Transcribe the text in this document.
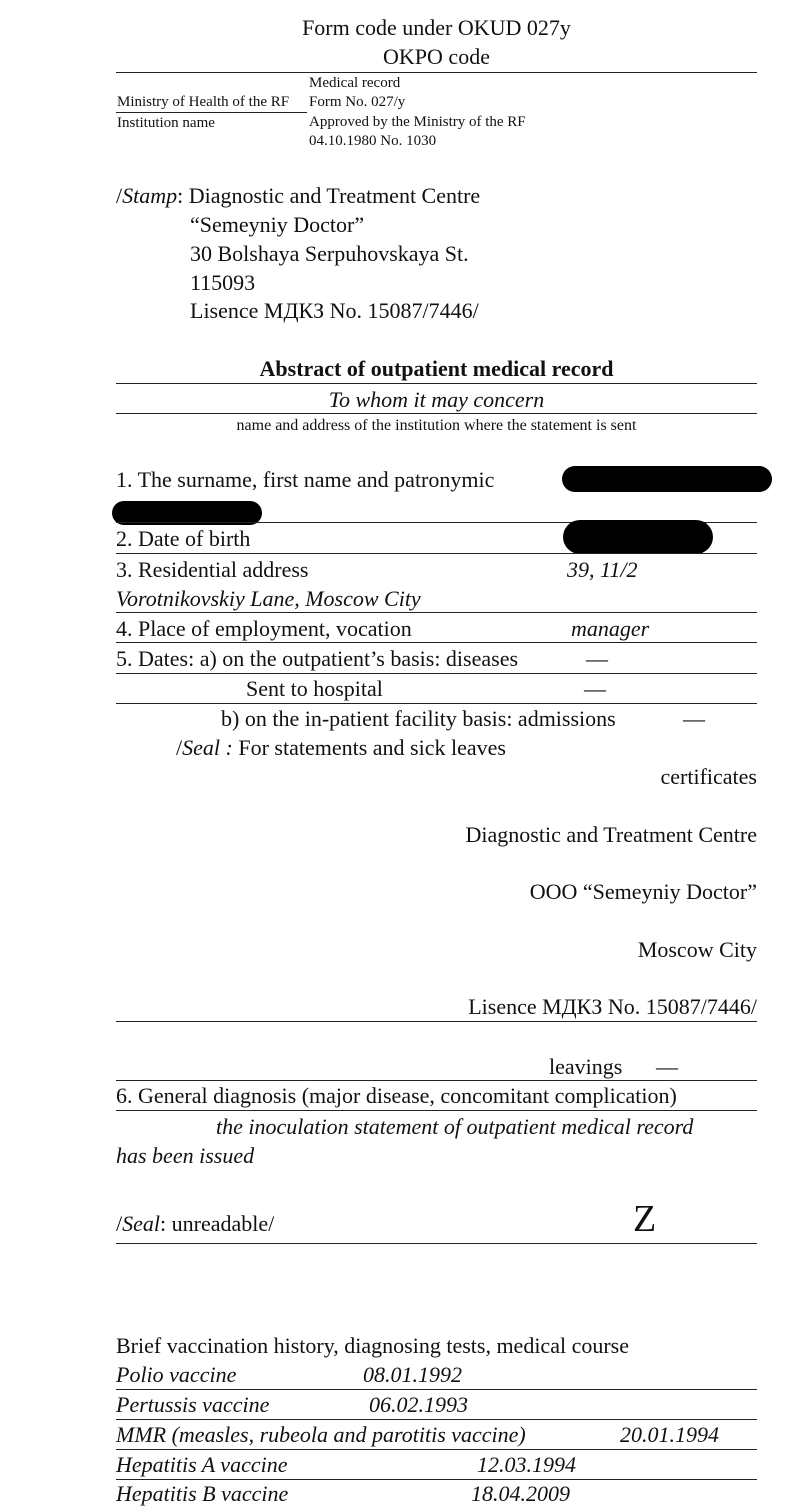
Form code under OKUD 027y
OKPO code
Ministry of Health of the RF
Institution name
Medical record
Form No. 027/y
Approved by the Ministry of the RF
04.10.1980 No. 1030
/Stamp: Diagnostic and Treatment Centre
“Semeyniy Doctor”
30 Bolshaya Serpuhovskaya St.
115093
Lisence МДКЗ No. 15087/7446/
Abstract of outpatient medical record
To whom it may concern
name and address of the institution where the statement is sent
1. The surname, first name and patronymic
2. Date of birth
3. Residential address	39, 11/2
Vorotnikovskiy Lane, Moscow City
4. Place of employment, vocation	manager
5. Dates: a) on the outpatient’s basis: diseases	—
Sent to hospital	—
b) on the in-patient facility basis: admissions	—
/Seal : For statements and sick leaves
certificates
Diagnostic and Treatment Centre
OOO “Semeyniy Doctor”
Moscow City
Lisence МДКЗ No. 15087/7446/
leavings —
6. General diagnosis (major disease, concomitant complication)
the inoculation statement of outpatient medical record
has been issued
/Seal: unreadable/	Z
Brief vaccination history, diagnosing tests, medical course
Polio vaccine	08.01.1992
Pertussis vaccine	06.02.1993
MMR (measles, rubeola and parotitis vaccine)	20.01.1994
Hepatitis A vaccine	12.03.1994
Hepatitis B vaccine	18.04.2009
